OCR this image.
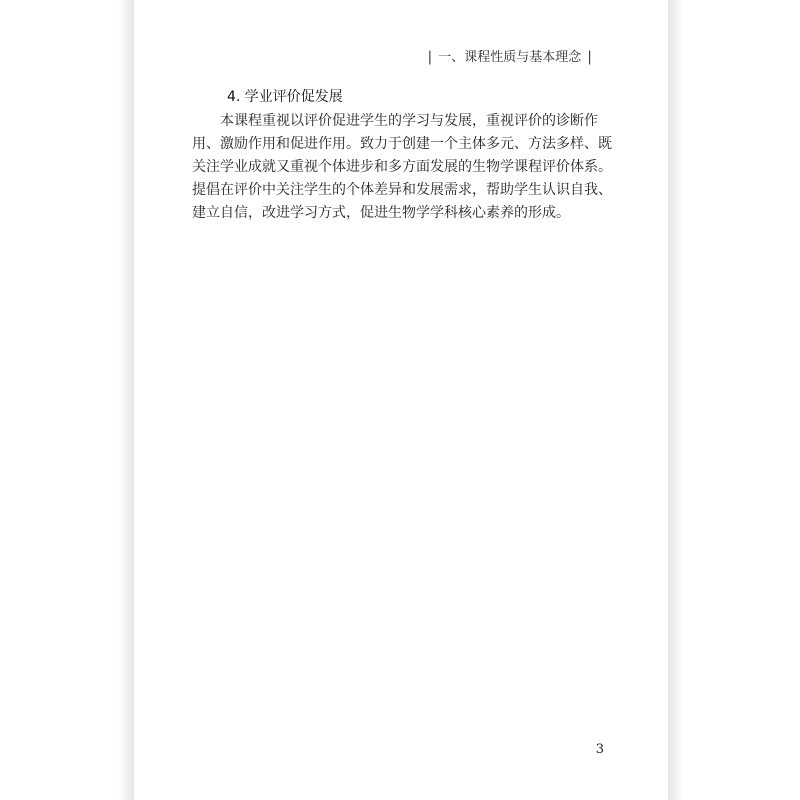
| 一、课程性质与基本理念 |
4. 学业评价促发展
本课程重视以评价促进学生的学习与发展，重视评价的诊断作
用、激励作用和促进作用。致力于创建一个主体多元、方法多样、既
关注学业成就又重视个体进步和多方面发展的生物学课程评价体系。
提倡在评价中关注学生的个体差异和发展需求，帮助学生认识自我、
建立自信，改进学习方式，促进生物学学科核心素养的形成。
3
